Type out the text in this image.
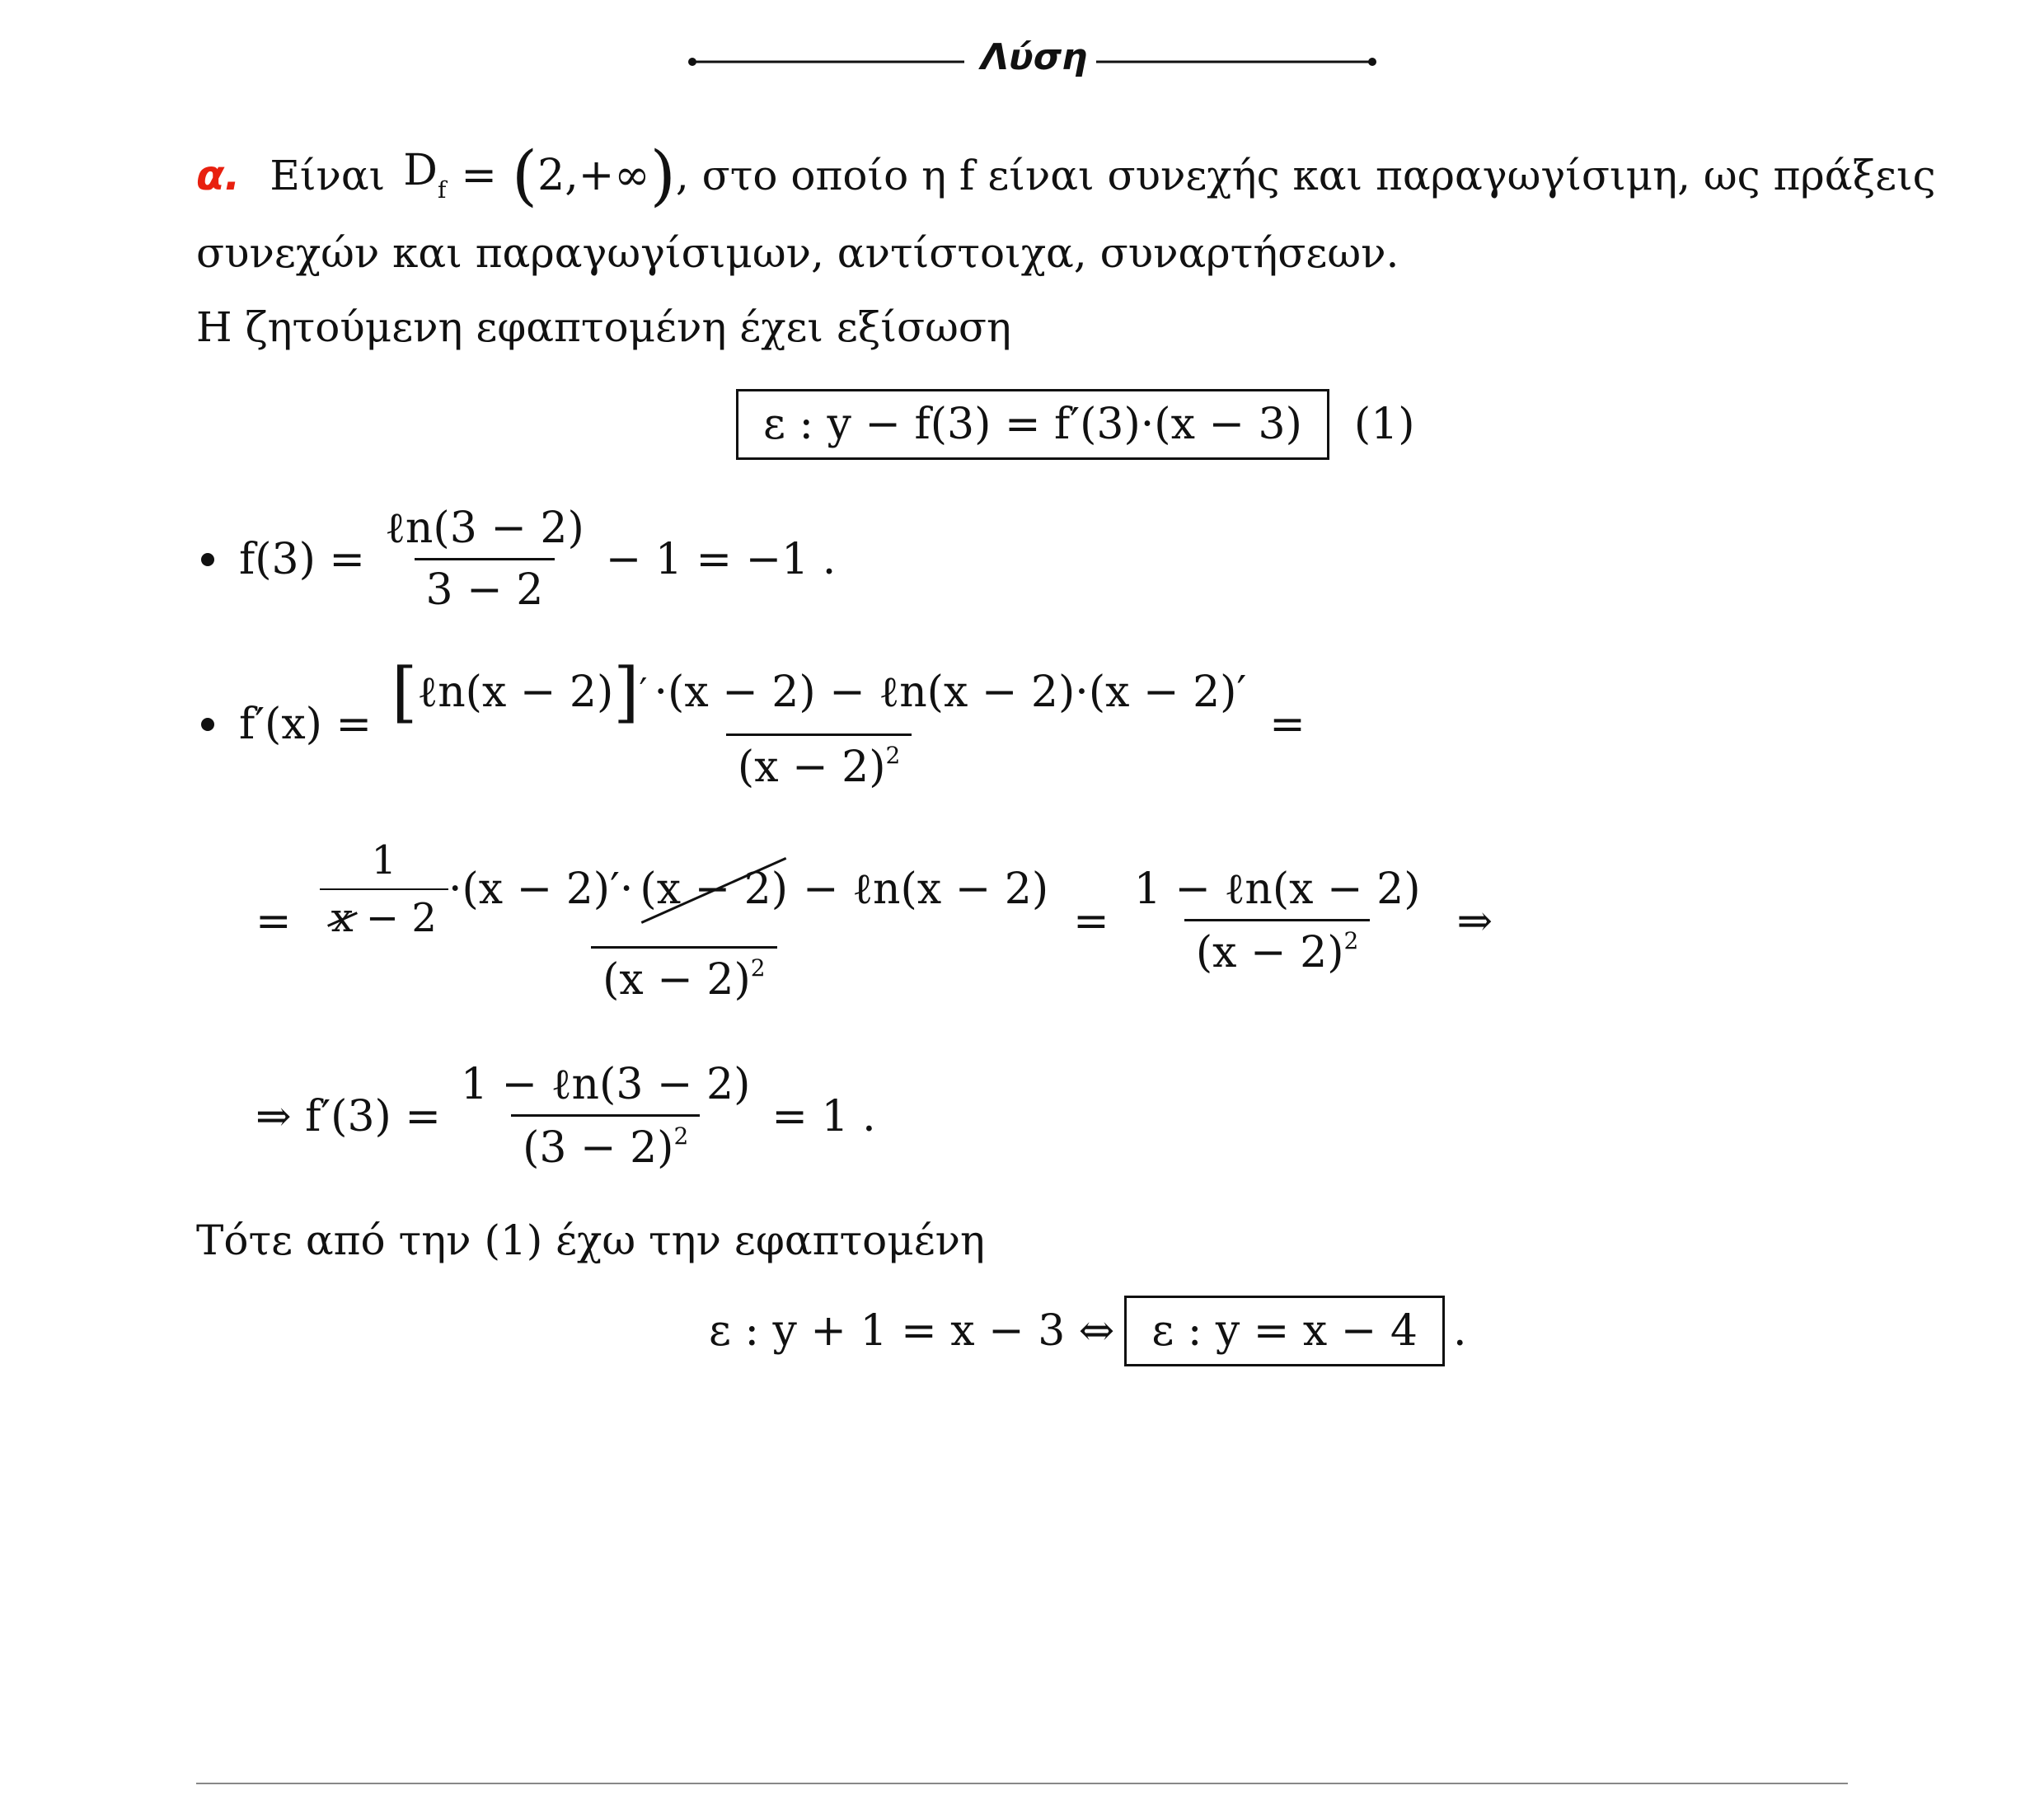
Λύση
α. Είναι $D_f$ = ( 2,+∞ ) , στο οποίο η f είναι συνεχής και παραγωγίσιμη, ως πράξεις
συνεχών και παραγωγίσιμων, αντίστοιχα, συναρτήσεων.
Η ζητούμενη εφαπτομένη έχει εξίσωση
ε : y − f(3) = f′(3)·(x − 3)	(1)
$f(3) = \frac{\text{ℓn(3 − 2)}}{3 - 2} - 1 = -1$ .
f′(x) = [ ℓn(x − 2) ] ′ ·(x − 2) − ℓn(x − 2)·(x − 2)′
$(x - 2)^2$
=
= $\frac{1}{x - 2} \cdot(x - 2)'\cdot (x - 2)$ − ℓn(x − 2)
$(x - 2)^2$
= $\frac{\text{1 − ℓn(x − 2)}}{(x - 2)^2}$ ⇒
⇒ $f'(3) = \frac{\text{1 − ℓn(3 − 2)}}{(3 - 2)^2} = 1$ .
Τότε από την (1) έχω την εφαπτομένη
ε : y + 1 = x − 3 ⇔ ε : y = x − 4 .
